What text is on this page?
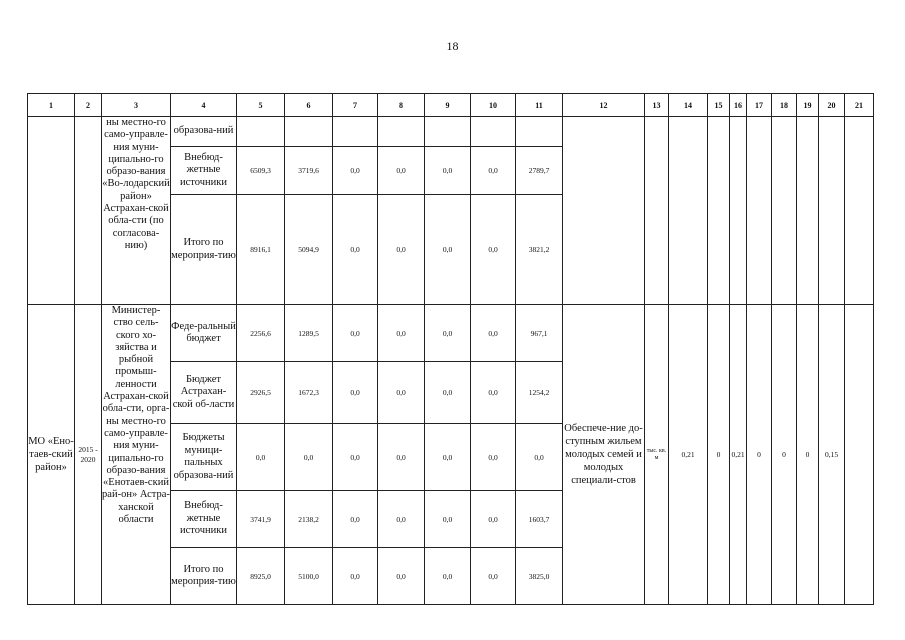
18
1	2	3	4	5	6	7	8	9	10	11	12	13	14	15	16	17	18	19	20	21
		ны местно-го само-управле-ния муни-ципально-го образо-вания «Во-лодарский район» Астрахан-ской обла-сти (по согласова-нию)	образова-ний																	
			Внебюд-жетные источники	6509,3	3719,6	0,0	0,0	0,0	0,0	2789,7										
			Итого по мероприя-тию	8916,1	5094,9	0,0	0,0	0,0	0,0	3821,2										
МО «Ено-таев-ский район»	2015 - 2020	Министер-ство сель-ского хо-зяйства и рыбной промыш-ленности Астрахан-ской обла-сти, орга-ны местно-го само-управле-ния муни-ципально-го образо-вания «Енотаев-ский рай-он» Астра-ханской области	Феде-ральный бюджет	2256,6	1289,5	0,0	0,0	0,0	0,0	967,1	Обеспече-ние до-ступным жильем молодых семей и молодых специали-стов	тыс. кв. м	0,21	0	0,21	0	0	0	0,15	
			Бюджет Астрахан-ской об-ласти	2926,5	1672,3	0,0	0,0	0,0	0,0	1254,2										
			Бюджеты муници-пальных образова-ний	0,0	0,0	0,0	0,0	0,0	0,0	0,0										
			Внебюд-жетные источники	3741,9	2138,2	0,0	0,0	0,0	0,0	1603,7										
			Итого по мероприя-тию	8925,0	5100,0	0,0	0,0	0,0	0,0	3825,0										
